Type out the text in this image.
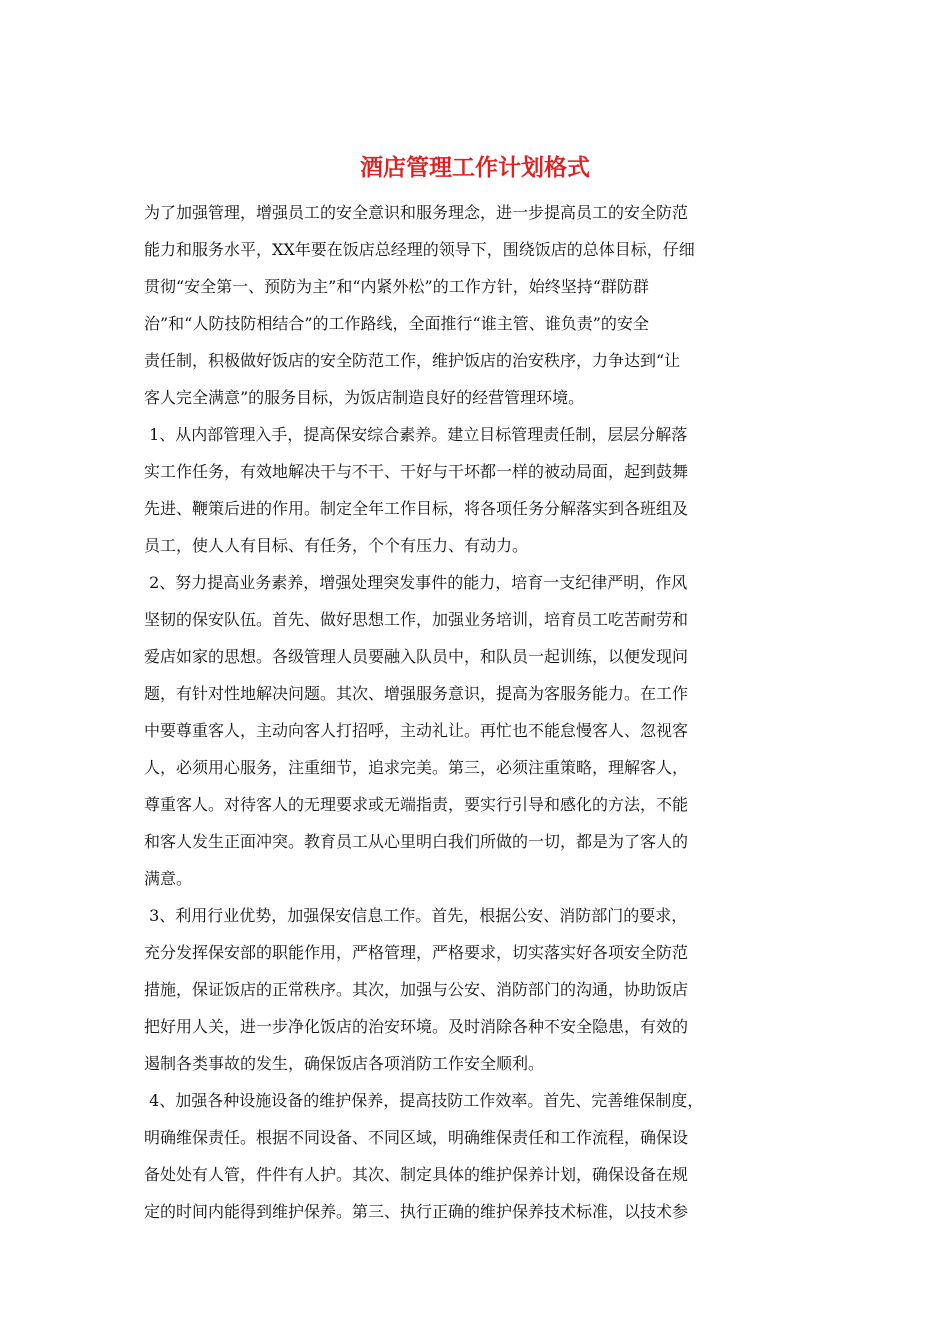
酒店管理工作计划格式
为了加强管理，增强员工的安全意识和服务理念，进一步提高员工的安全防范
能力和服务水平，XX年要在饭店总经理的领导下，围绕饭店的总体目标，仔细
贯彻“安全第一、预防为主”和“内紧外松”的工作方针，始终坚持“群防群
治”和“人防技防相结合”的工作路线，全面推行“谁主管、谁负责”的安全
责任制，积极做好饭店的安全防范工作，维护饭店的治安秩序，力争达到“让
客人完全满意”的服务目标，为饭店制造良好的经营管理环境。
1、从内部管理入手，提高保安综合素养。建立目标管理责任制，层层分解落
实工作任务，有效地解决干与不干、干好与干坏都一样的被动局面，起到鼓舞
先进、鞭策后进的作用。制定全年工作目标，将各项任务分解落实到各班组及
员工，使人人有目标、有任务，个个有压力、有动力。
2、努力提高业务素养，增强处理突发事件的能力，培育一支纪律严明，作风
坚韧的保安队伍。首先、做好思想工作，加强业务培训，培育员工吃苦耐劳和
爱店如家的思想。各级管理人员要融入队员中，和队员一起训练，以便发现问
题，有针对性地解决问题。其次、增强服务意识，提高为客服务能力。在工作
中要尊重客人，主动向客人打招呼，主动礼让。再忙也不能怠慢客人、忽视客
人，必须用心服务，注重细节，追求完美。第三，必须注重策略，理解客人，
尊重客人。对待客人的无理要求或无端指责，要实行引导和感化的方法，不能
和客人发生正面冲突。教育员工从心里明白我们所做的一切，都是为了客人的
满意。
3、利用行业优势，加强保安信息工作。首先，根据公安、消防部门的要求，
充分发挥保安部的职能作用，严格管理，严格要求，切实落实好各项安全防范
措施，保证饭店的正常秩序。其次，加强与公安、消防部门的沟通，协助饭店
把好用人关，进一步净化饭店的治安环境。及时消除各种不安全隐患，有效的
遏制各类事故的发生，确保饭店各项消防工作安全顺利。
4、加强各种设施设备的维护保养，提高技防工作效率。首先、完善维保制度，
明确维保责任。根据不同设备、不同区域，明确维保责任和工作流程，确保设
备处处有人管，件件有人护。其次、制定具体的维护保养计划，确保设备在规
定的时间内能得到维护保养。第三、执行正确的维护保养技术标准，以技术参
